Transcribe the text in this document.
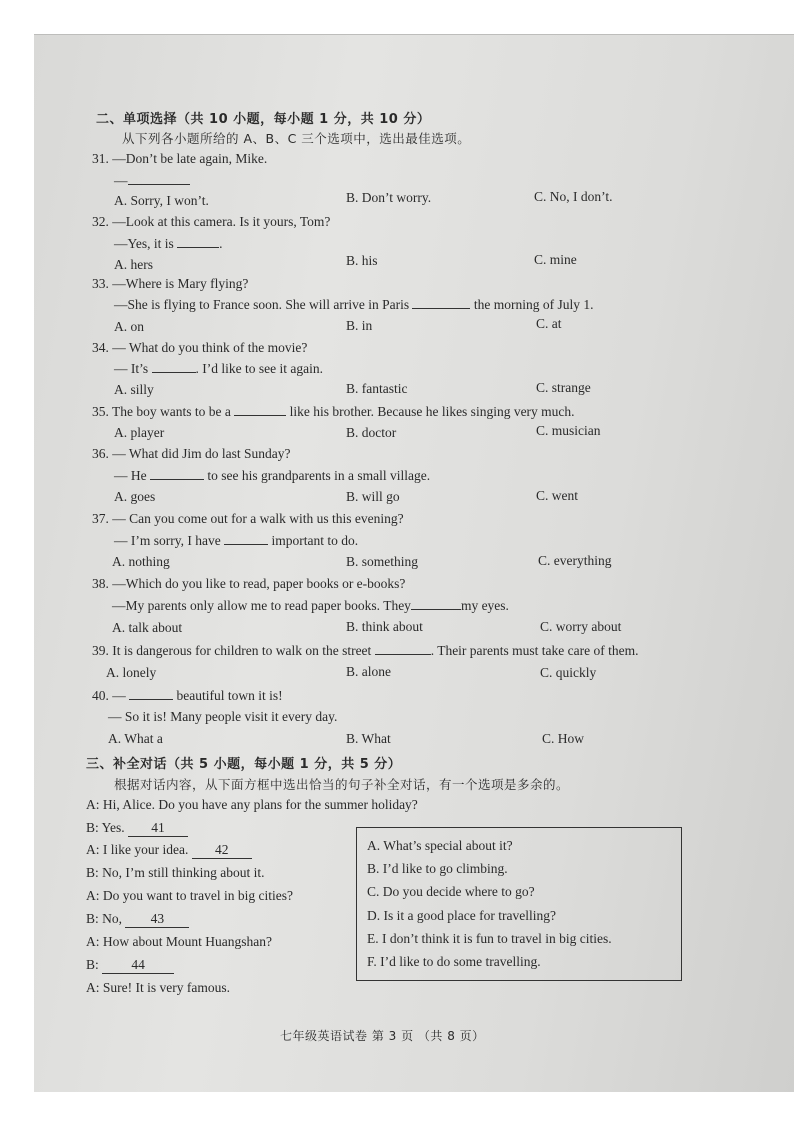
二、单项选择（共 10 小题，每小题 1 分，共 10 分）
从下列各小题所给的 A、B、C 三个选项中，选出最佳选项。
31. —Don’t be late again, Mike.
—
A. Sorry, I won’t.	B. Don’t worry.	C. No, I don’t.
32. —Look at this camera. Is it yours, Tom?
—Yes, it is	.
A. hers	B. his	C. mine
33. —Where is Mary flying?
—She is flying to France soon. She will arrive in Paris	the morning of July 1.
A. on	B. in	C. at
34. — What do you think of the movie?
— It’s	. I’d like to see it again.
A. silly	B. fantastic	C. strange
35. The boy wants to be a	like his brother. Because he likes singing very much.
A. player	B. doctor	C. musician
36. — What did Jim do last Sunday?
— He	to see his grandparents in a small village.
A. goes	B. will go	C. went
37. — Can you come out for a walk with us this evening?
— I’m sorry, I have	important to do.
A. nothing	B. something	C. everything
38. —Which do you like to read, paper books or e-books?
—My parents only allow me to read paper books. They	my eyes.
A. talk about	B. think about	C. worry about
39. It is dangerous for children to walk on the street	. Their parents must take care of them.
A. lonely	B. alone	C. quickly
40. —	beautiful town it is!
— So it is! Many people visit it every day.
A. What a	B. What	C. How
三、补全对话（共 5 小题，每小题 1 分，共 5 分）
根据对话内容，从下面方框中选出恰当的句子补全对话，有一个选项是多余的。
A: Hi, Alice. Do you have any plans for the summer holiday?
B: Yes. 41
A: I like your idea. 42
B: No, I’m still thinking about it.
A: Do you want to travel in big cities?
B: No, 43
A: How about Mount Huangshan?
B: 44
A: Sure! It is very famous.
A. What’s special about it?
B. I’d like to go climbing.
C. Do you decide where to go?
D. Is it a good place for travelling?
E. I don’t think it is fun to travel in big cities.
F. I’d like to do some travelling.
七年级英语试卷 第 3 页 （共 8 页）
